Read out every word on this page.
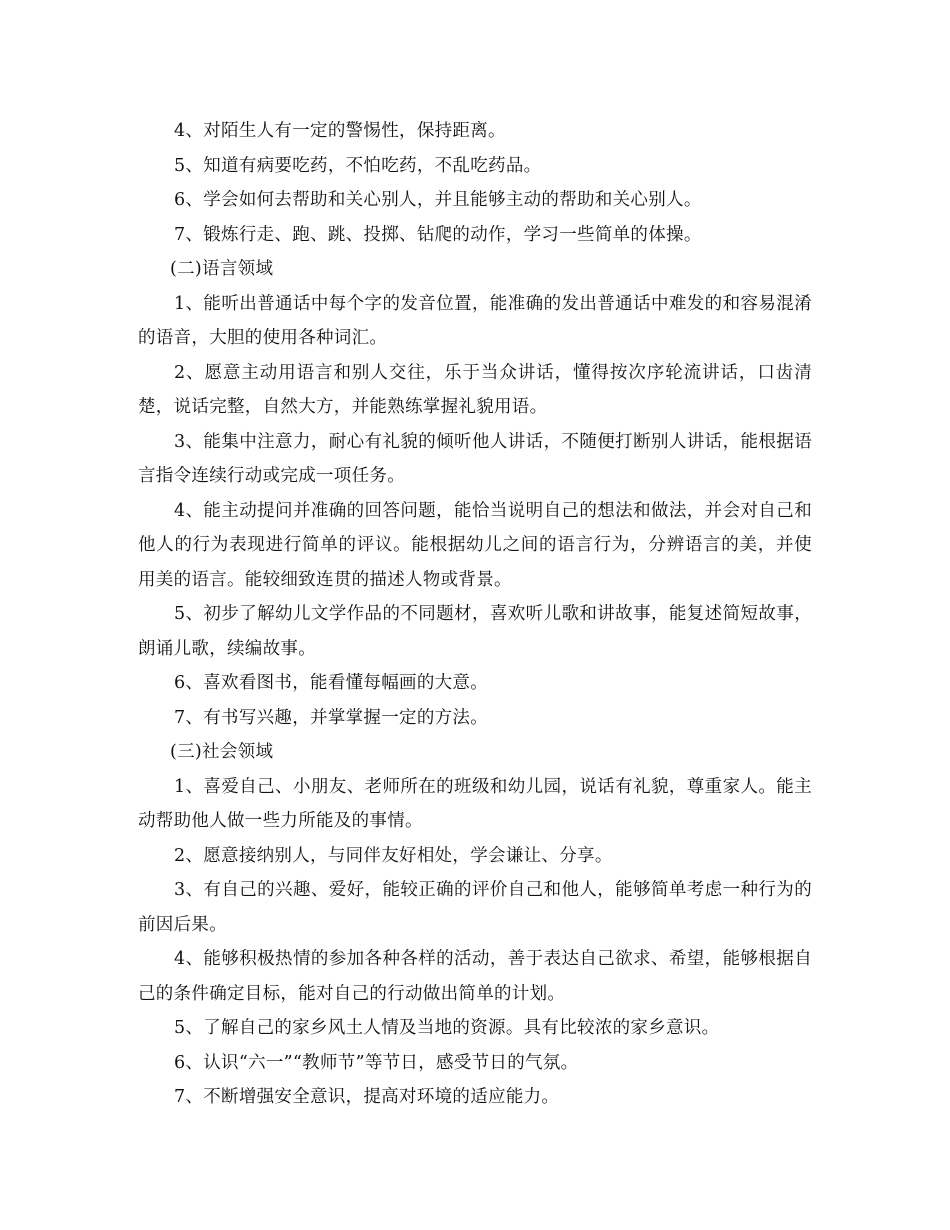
4、对陌生人有一定的警惕性，保持距离。

5、知道有病要吃药，不怕吃药，不乱吃药品。

6、学会如何去帮助和关心别人，并且能够主动的帮助和关心别人。

7、锻炼行走、跑、跳、投掷、钻爬的动作，学习一些简单的体操。

(二)语言领域

1、能听出普通话中每个字的发音位置，能准确的发出普通话中难发的和容易混淆的语音，大胆的使用各种词汇。

2、愿意主动用语言和别人交往，乐于当众讲话，懂得按次序轮流讲话，口齿清楚，说话完整，自然大方，并能熟练掌握礼貌用语。

3、能集中注意力，耐心有礼貌的倾听他人讲话，不随便打断别人讲话，能根据语言指令连续行动或完成一项任务。

4、能主动提问并准确的回答问题，能恰当说明自己的想法和做法，并会对自己和他人的行为表现进行简单的评议。能根据幼儿之间的语言行为，分辨语言的美，并使用美的语言。能较细致连贯的描述人物或背景。

5、初步了解幼儿文学作品的不同题材，喜欢听儿歌和讲故事，能复述简短故事，朗诵儿歌，续编故事。

6、喜欢看图书，能看懂每幅画的大意。

7、有书写兴趣，并掌掌握一定的方法。

(三)社会领域

1、喜爱自己、小朋友、老师所在的班级和幼儿园，说话有礼貌，尊重家人。能主动帮助他人做一些力所能及的事情。

2、愿意接纳别人，与同伴友好相处，学会谦让、分享。

3、有自己的兴趣、爱好，能较正确的评价自己和他人，能够简单考虑一种行为的前因后果。

4、能够积极热情的参加各种各样的活动，善于表达自己欲求、希望，能够根据自己的条件确定目标，能对自己的行动做出简单的计划。

5、了解自己的家乡风土人情及当地的资源。具有比较浓的家乡意识。

6、认识“六一”“教师节”等节日，感受节日的气氛。

7、不断增强安全意识，提高对环境的适应能力。
